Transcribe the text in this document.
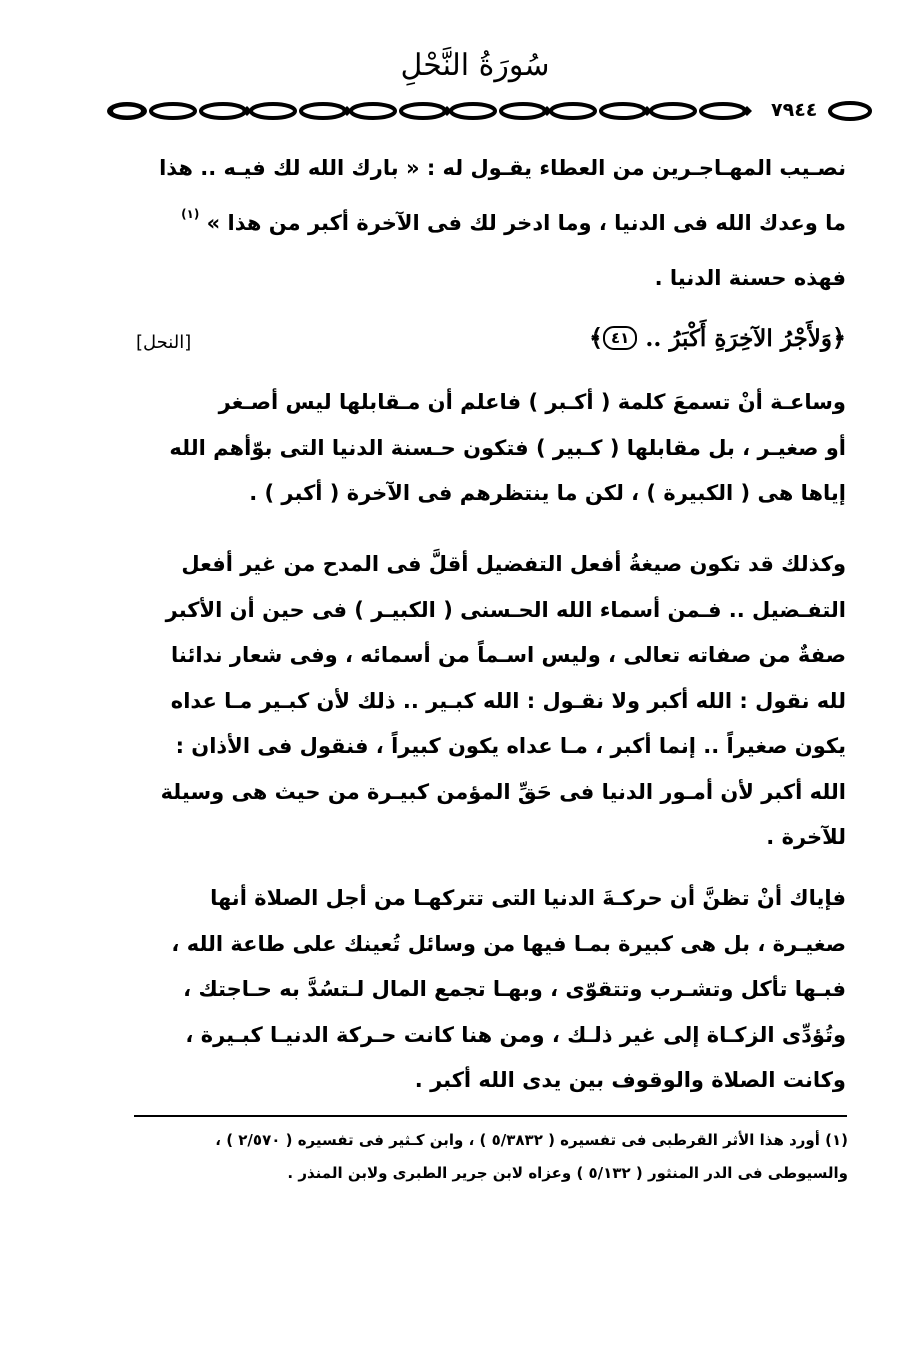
سُورَةُ النَّحْلِ
٧٩٤٤
نصـيب المهـاجـرين من العطاء يقـول له : « بارك الله لك فيـه .. هذا
ما وعدك الله فى الدنيا ، وما ادخر لك فى الآخرة أكبر من هذا » $^{(١)}$
فهذه حسنة الدنيا .
﴿وَلأَجْرُ الآخِرَةِ أَكْبَرُ .. ٤١﴾
[النحل]
وساعـة أنْ تسمعَ كلمة ( أكـبر ) فاعلم أن مـقابلها ليس أصـغر
أو صغيـر ، بل مقابلها ( كـبير ) فتكون حـسنة الدنيا التى بوّأهم الله
إياها هى ( الكبيرة ) ، لكن ما ينتظرهم فى الآخرة ( أكبر ) .
وكذلك قد تكون صيغةُ أفعل التفضيل أقلَّ فى المدح من غير أفعل
التفـضيل .. فـمن أسماء الله الحـسنى ( الكبيـر ) فى حين أن الأكبر
صفةٌ من صفاته تعالى ، وليس اسـماً من أسمائه ، وفى شعار ندائنا
لله نقول : الله أكبر ولا نقـول : الله كبـير .. ذلك لأن كبـير مـا عداه
يكون صغيراً .. إنما أكبر ، مـا عداه يكون كبيراً ، فنقول فى الأذان :
الله أكبر لأن أمـور الدنيا فى حَقِّ المؤمن كبيـرة من حيث هى وسيلة
للآخرة .
فإياك أنْ تظنَّ أن حركـةَ الدنيا التى تتركهـا من أجل الصلاة أنها
صغيـرة ، بل هى كبيرة بمـا فيها من وسائل تُعينك على طاعة الله ،
فبـها تأكل وتشـرب وتتقوّى ، وبهـا تجمع المال لـتسُدَّ به حـاجتك ،
وتُؤدِّى الزكـاة إلى غير ذلـك ، ومن هنا كانت حـركة الدنيـا كبـيرة ،
وكانت الصلاة والوقوف بين يدى الله أكبر .
(١) أورد هذا الأثر القرطبى فى تفسيره ( ٥/٣٨٣٢ ) ، وابن كـثير فى تفسيره ( ٢/٥٧٠ ) ،
والسيوطى فى الدر المنثور ( ٥/١٣٢ ) وعزاه لابن جرير الطبرى ولابن المنذر .
